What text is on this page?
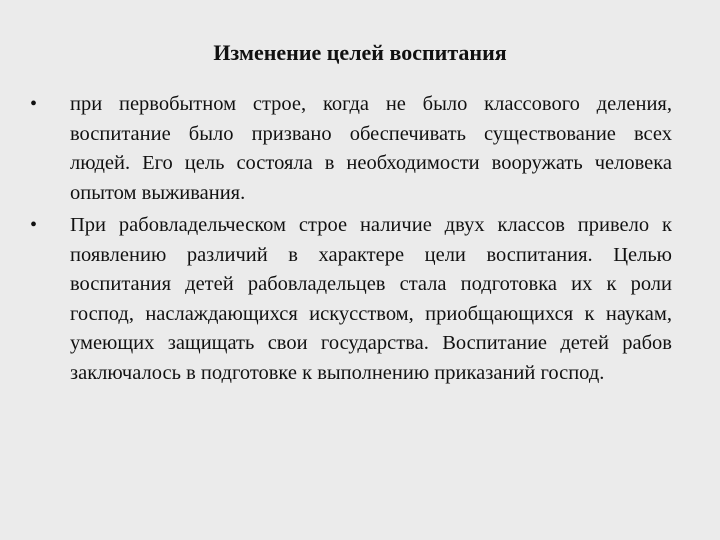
Изменение целей воспитания
• при первобытном строе, когда не было классового деления, воспитание было призвано обеспечивать существование всех людей. Его цель состояла в необходимости вооружать человека опытом выживания.
• При рабовладельческом строе наличие двух классов привело к появлению различий в характере цели воспитания. Целью воспитания детей рабовладельцев стала подготовка их к роли господ, наслаждающихся искусством, приобщающихся к наукам, умеющих защищать свои государства. Воспитание детей рабов заключалось в подготовке к выполнению приказаний господ.
